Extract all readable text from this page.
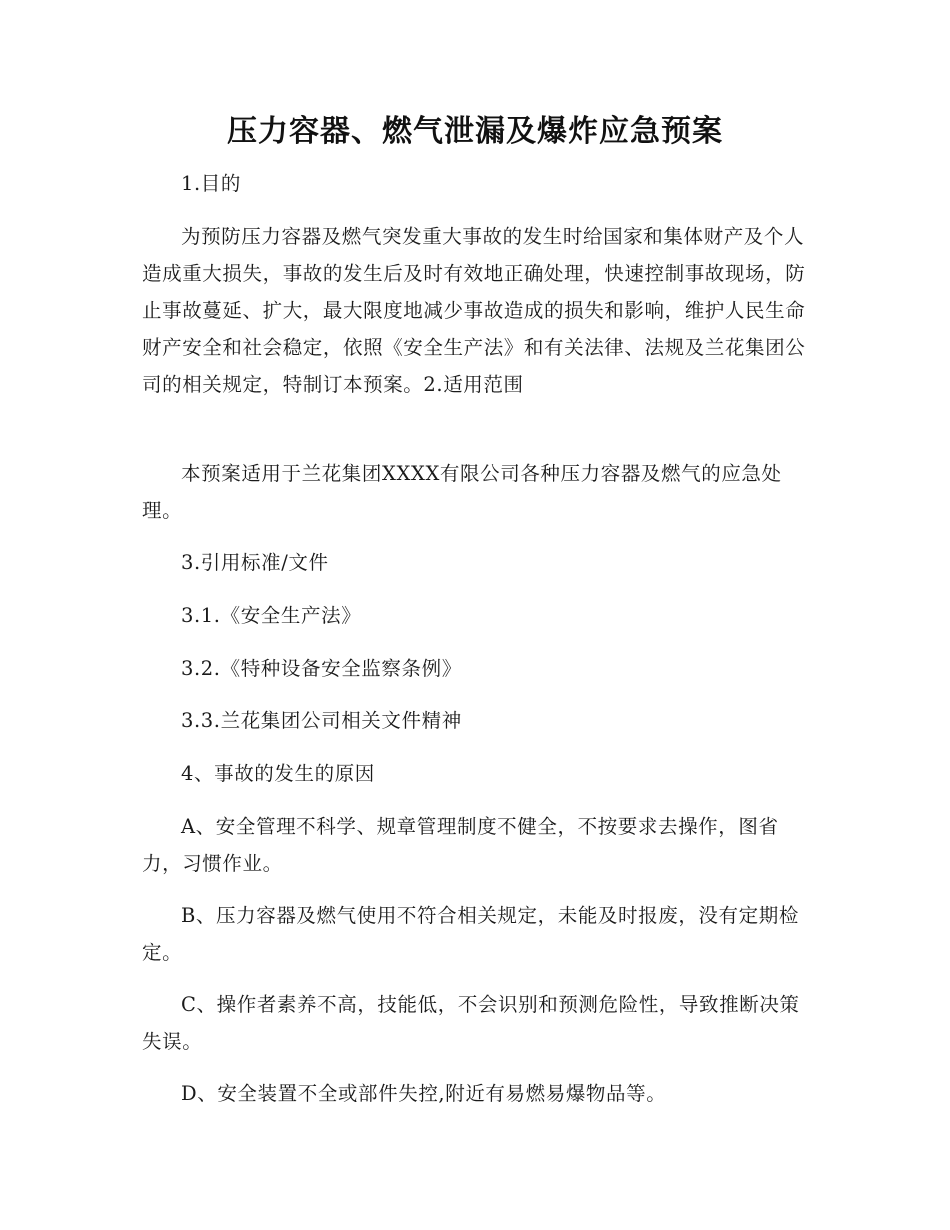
压力容器、燃气泄漏及爆炸应急预案

1.目的

为预防压力容器及燃气突发重大事故的发生时给国家和集体财产及个人造成重大损失，事故的发生后及时有效地正确处理，快速控制事故现场，防止事故蔓延、扩大，最大限度地减少事故造成的损失和影响，维护人民生命财产安全和社会稳定，依照《安全生产法》和有关法律、法规及兰花集团公司的相关规定，特制订本预案。2.适用范围

本预案适用于兰花集团XXXX有限公司各种压力容器及燃气的应急处理。

3.引用标准/文件

3.1.《安全生产法》

3.2.《特种设备安全监察条例》

3.3.兰花集团公司相关文件精神

4、事故的发生的原因

A、安全管理不科学、规章管理制度不健全，不按要求去操作，图省力，习惯作业。

B、压力容器及燃气使用不符合相关规定，未能及时报废，没有定期检定。

C、操作者素养不高，技能低，不会识别和预测危险性，导致推断决策失误。

D、安全装置不全或部件失控,附近有易燃易爆物品等。
